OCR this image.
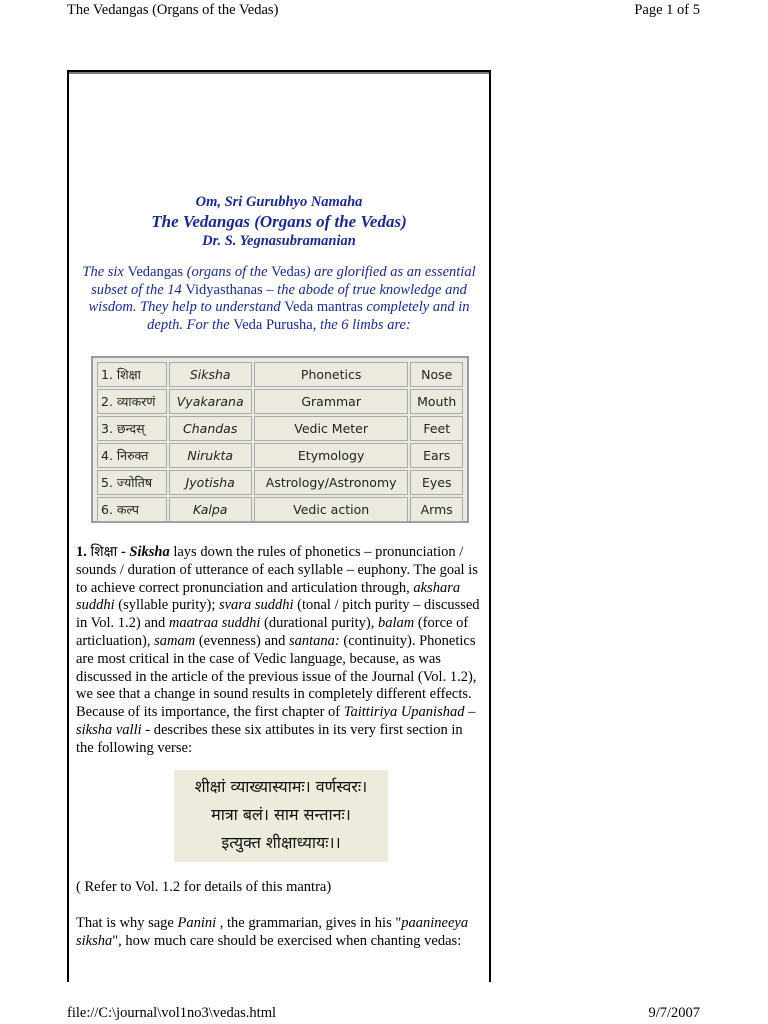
The Vedangas (Organs of the Vedas)	Page 1 of 5
Om, Sri Gurubhyo Namaha
The Vedangas (Organs of the Vedas)
Dr. S. Yegnasubramanian
The six Vedangas (organs of the Vedas) are glorified as an essential subset of the 14 Vidyasthanas – the abode of true knowledge and wisdom. They help to understand Veda mantras completely and in depth. For the Veda Purusha, the 6 limbs are:
1. शिक्षा	Siksha	Phonetics	Nose
2. व्याकरणं	Vyakarana	Grammar	Mouth
3. छन्दस्	Chandas	Vedic Meter	Feet
4. निरुक्त	Nirukta	Etymology	Ears
5. ज्योतिष	Jyotisha	Astrology/Astronomy	Eyes
6. कल्प	Kalpa	Vedic action	Arms

1. शिक्षा - Siksha lays down the rules of phonetics – pronunciation / sounds / duration of utterance of each syllable – euphony. The goal is to achieve correct pronunciation and articulation through, akshara suddhi (syllable purity); svara suddhi (tonal / pitch purity – discussed in Vol. 1.2) and maatraa suddhi (durational purity), balam (force of articluation), samam (evenness) and santana: (continuity). Phonetics are most critical in the case of Vedic language, because, as was discussed in the article of the previous issue of the Journal (Vol. 1.2), we see that a change in sound results in completely different effects. Because of its importance, the first chapter of Taittiriya Upanishad – siksha valli - describes these six attibutes in its very first section in the following verse:

शीक्षां व्याख्यास्यामः। वर्णस्वरः।
मात्रा बलं। साम सन्तानः।
इत्युक्त शीक्षाध्यायः।।
( Refer to Vol. 1.2 for details of this mantra)

That is why sage Panini , the grammarian, gives in his "paanineeya siksha", how much care should be exercised when chanting vedas:

file://C:\journal\vol1no3\vedas.html	9/7/2007
